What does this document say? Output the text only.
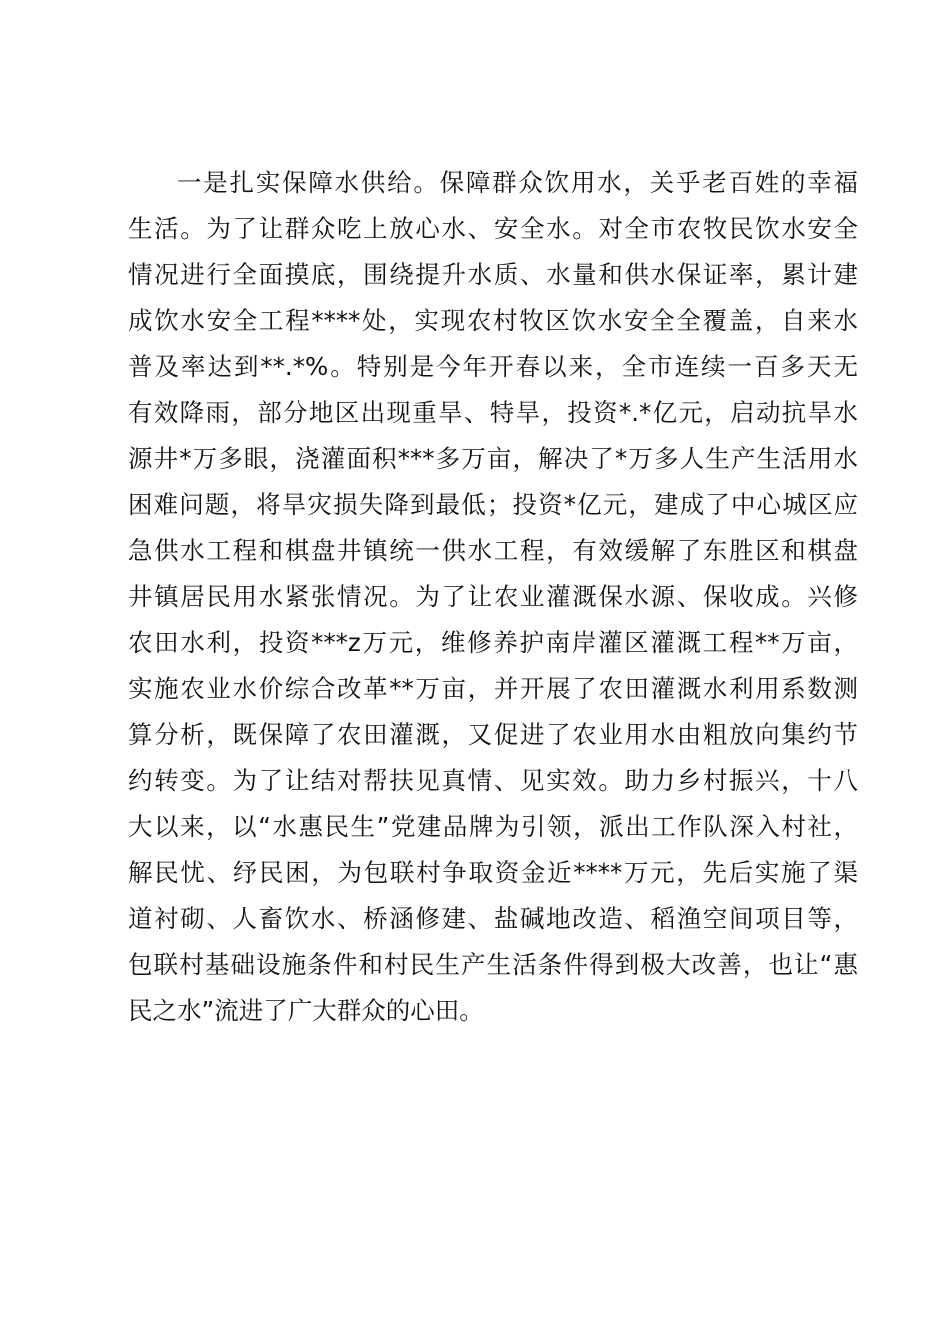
一是扎实保障水供给。保障群众饮用水，关乎老百姓的幸福
生活。为了让群众吃上放心水、安全水。对全市农牧民饮水安全
情况进行全面摸底，围绕提升水质、水量和供水保证率，累计建
成饮水安全工程****处，实现农村牧区饮水安全全覆盖，自来水
普及率达到**.*%。特别是今年开春以来，全市连续一百多天无
有效降雨，部分地区出现重旱、特旱，投资*.*亿元，启动抗旱水
源井*万多眼，浇灌面积***多万亩，解决了*万多人生产生活用水
困难问题，将旱灾损失降到最低；投资*亿元，建成了中心城区应
急供水工程和棋盘井镇统一供水工程，有效缓解了东胜区和棋盘
井镇居民用水紧张情况。为了让农业灌溉保水源、保收成。兴修
农田水利，投资***z万元，维修养护南岸灌区灌溉工程**万亩，
实施农业水价综合改革**万亩，并开展了农田灌溉水利用系数测
算分析，既保障了农田灌溉，又促进了农业用水由粗放向集约节
约转变。为了让结对帮扶见真情、见实效。助力乡村振兴，十八
大以来，以“水惠民生”党建品牌为引领，派出工作队深入村社，
解民忧、纾民困，为包联村争取资金近****万元，先后实施了渠
道衬砌、人畜饮水、桥涵修建、盐碱地改造、稻渔空间项目等，
包联村基础设施条件和村民生产生活条件得到极大改善，也让“惠
民之水”流进了广大群众的心田。
